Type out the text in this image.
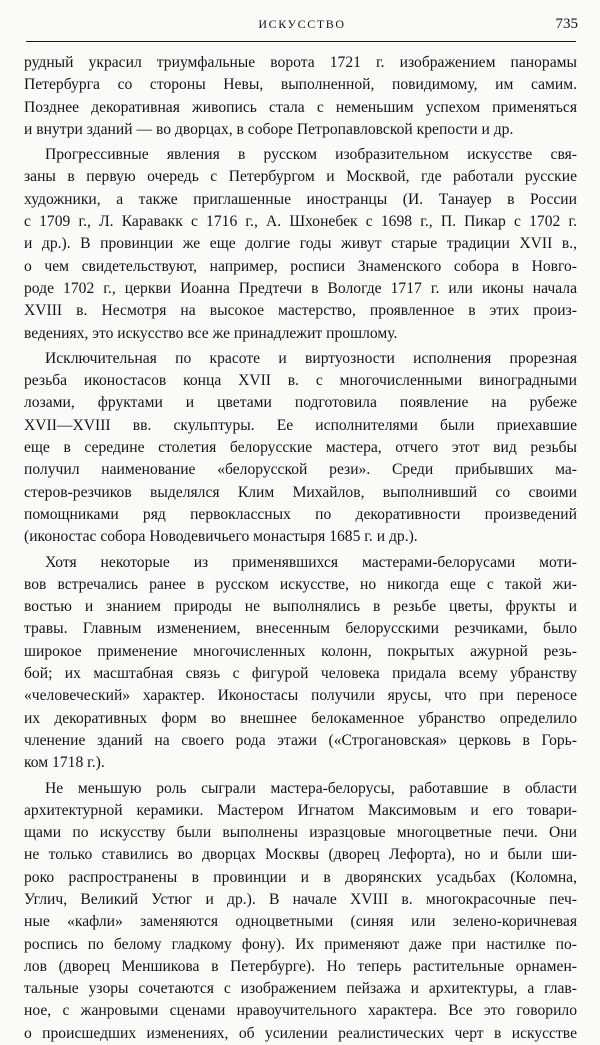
ИСКУССТВО	735
рудный украсил триумфальные ворота 1721 г. изображением панорамы
Петербурга со стороны Невы, выполненной, повидимому, им самим.
Позднее декоративная живопись стала с неменьшим успехом применяться
и внутри зданий — во дворцах, в соборе Петропавловской крепости и др.
Прогрессивные явления в русском изобразительном искусстве свя-
заны в первую очередь с Петербургом и Москвой, где работали русские
художники, а также приглашенные иностранцы (И. Танауер в России
с 1709 г., Л. Каравакк с 1716 г., А. Шхонебек с 1698 г., П. Пикар с 1702 г.
и др.). В провинции же еще долгие годы живут старые традиции XVII в.,
о чем свидетельствуют, например, росписи Знаменского собора в Новго-
роде 1702 г., церкви Иоанна Предтечи в Вологде 1717 г. или иконы начала
XVIII в. Несмотря на высокое мастерство, проявленное в этих произ-
ведениях, это искусство все же принадлежит прошлому.
Исключительная по красоте и виртуозности исполнения прорезная
резьба иконостасов конца XVII в. с многочисленными виноградными
лозами, фруктами и цветами подготовила появление на рубеже
XVII—XVIII вв. скульптуры. Ее исполнителями были приехавшие
еще в середине столетия белорусские мастера, отчего этот вид резьбы
получил наименование «белорусской рези». Среди прибывших ма-
стеров-резчиков выделялся Клим Михайлов, выполнивший со своими
помощниками ряд первоклассных по декоративности произведений
(иконостас собора Новодевичьего монастыря 1685 г. и др.).
Хотя некоторые из применявшихся мастерами-белорусами моти-
вов встречались ранее в русском искусстве, но никогда еще с такой жи-
востью и знанием природы не выполнялись в резьбе цветы, фрукты и
травы. Главным изменением, внесенным белорусскими резчиками, было
широкое применение многочисленных колонн, покрытых ажурной резь-
бой; их масштабная связь с фигурой человека придала всему убранству
«человеческий» характер. Иконостасы получили ярусы, что при переносе
их декоративных форм во внешнее белокаменное убранство определило
членение зданий на своего рода этажи («Строгановская» церковь в Горь-
ком 1718 г.).
Не меньшую роль сыграли мастера-белорусы, работавшие в области
архитектурной керамики. Мастером Игнатом Максимовым и его товари-
щами по искусству были выполнены изразцовые многоцветные печи. Они
не только ставились во дворцах Москвы (дворец Лефорта), но и были ши-
роко распространены в провинции и в дворянских усадьбах (Коломна,
Углич, Великий Устюг и др.). В начале XVIII в. многокрасочные печ-
ные «кафли» заменяются одноцветными (синяя или зелено-коричневая
роспись по белому гладкому фону). Их применяют даже при настилке по-
лов (дворец Меншикова в Петербурге). Но теперь растительные орнамен-
тальные узоры сочетаются с изображением пейзажа и архитектуры, а глав-
ное, с жанровыми сценами нравоучительного характера. Все это говорило
о происшедших изменениях, об усилении реалистических черт в искусстве
